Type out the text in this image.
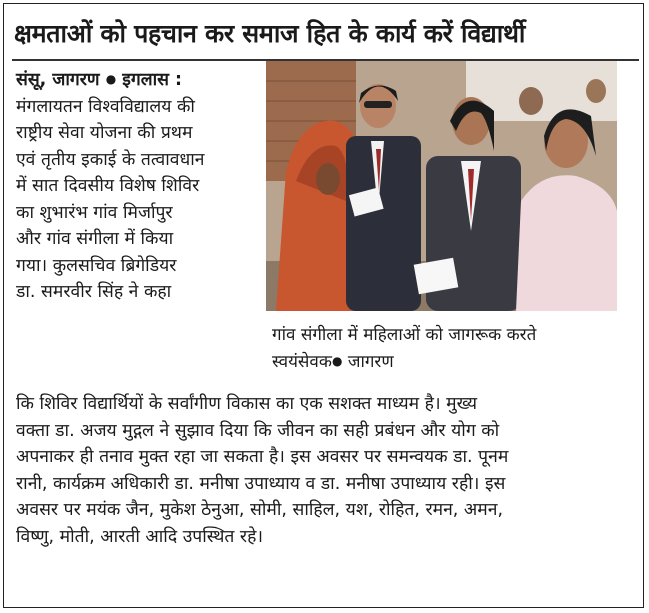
क्षमताओं को पहचान कर समाज हित के कार्य करें विद्यार्थी
संसू, जागरण ● इगलास :
मंगलायतन विश्वविद्यालय की
राष्ट्रीय सेवा योजना की प्रथम
एवं तृतीय इकाई के तत्वावधान
में सात दिवसीय विशेष शिविर
का शुभारंभ गांव मिर्जापुर
और गांव संगीला में किया
गया। कुलसचिव ब्रिगेडियर
डा. समरवीर सिंह ने कहा
गांव संगीला में महिलाओं को जागरूक करते
स्वयंसेवक● जागरण
कि शिविर विद्यार्थियों के सर्वांगीण विकास का एक सशक्त माध्यम है। मुख्य
वक्ता डा. अजय मुद्गल ने सुझाव दिया कि जीवन का सही प्रबंधन और योग को
अपनाकर ही तनाव मुक्त रहा जा सकता है। इस अवसर पर समन्वयक डा. पूनम
रानी, कार्यक्रम अधिकारी डा. मनीषा उपाध्याय व डा. मनीषा उपाध्याय रही। इस
अवसर पर मयंक जैन, मुकेश ठेनुआ, सोमी, साहिल, यश, रोहित, रमन, अमन,
विष्णु, मोती, आरती आदि उपस्थित रहे।
